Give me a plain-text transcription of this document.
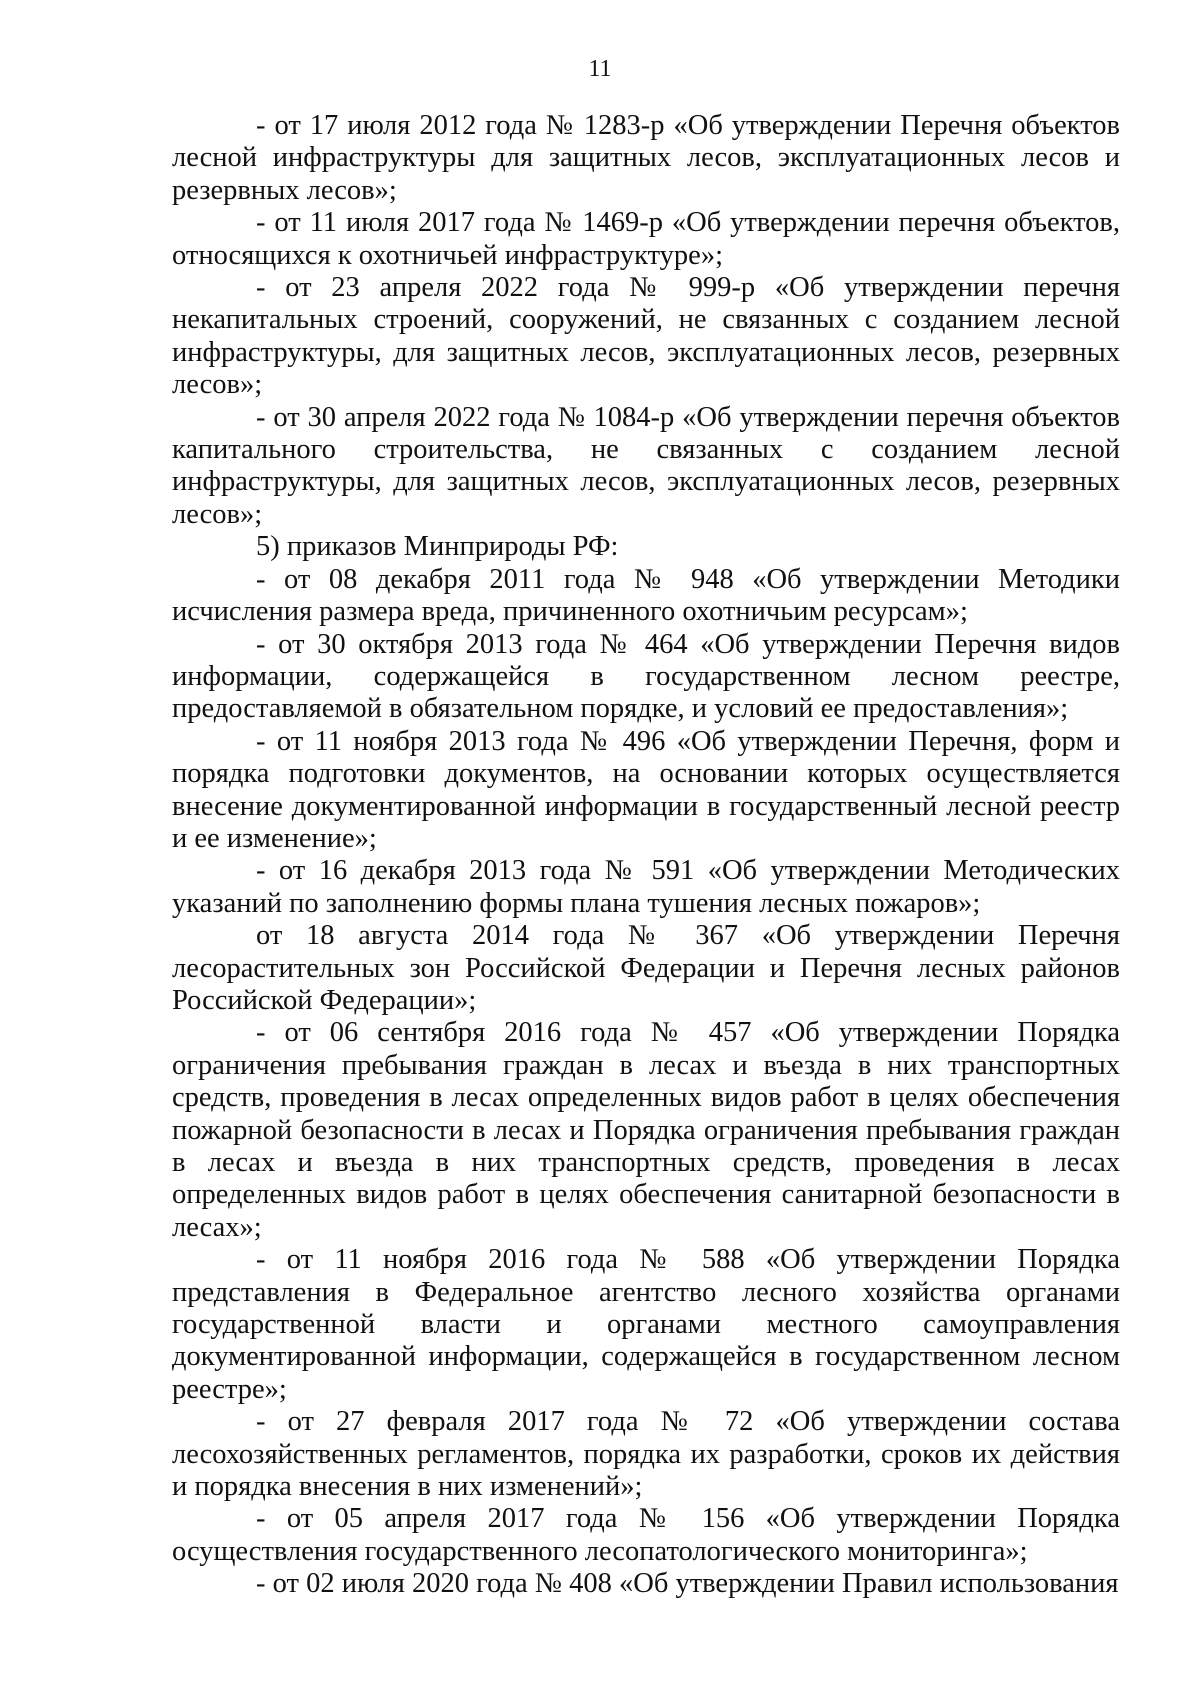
11

- от 17 июля 2012 года № 1283-р «Об утверждении Перечня объектов лесной инфраструктуры для защитных лесов, эксплуатационных лесов и резервных лесов»;

- от 11 июля 2017 года № 1469-р «Об утверждении перечня объектов, относящихся к охотничьей инфраструктуре»;

- от 23 апреля 2022 года № 999-р «Об утверждении перечня некапитальных строений, сооружений, не связанных с созданием лесной инфраструктуры, для защитных лесов, эксплуатационных лесов, резервных лесов»;

- от 30 апреля 2022 года № 1084-р «Об утверждении перечня объектов капитального строительства, не связанных с созданием лесной инфраструктуры, для защитных лесов, эксплуатационных лесов, резервных лесов»;

5) приказов Минприроды РФ:

- от 08 декабря 2011 года № 948 «Об утверждении Методики исчисления размера вреда, причиненного охотничьим ресурсам»;

- от 30 октября 2013 года № 464 «Об утверждении Перечня видов информации, содержащейся в государственном лесном реестре, предоставляемой в обязательном порядке, и условий ее предоставления»;

- от 11 ноября 2013 года № 496 «Об утверждении Перечня, форм и порядка подготовки документов, на основании которых осуществляется внесение документированной информации в государственный лесной реестр и ее изменение»;

- от 16 декабря 2013 года № 591 «Об утверждении Методических указаний по заполнению формы плана тушения лесных пожаров»;

от 18 августа 2014 года № 367 «Об утверждении Перечня лесорастительных зон Российской Федерации и Перечня лесных районов Российской Федерации»;

- от 06 сентября 2016 года № 457 «Об утверждении Порядка ограничения пребывания граждан в лесах и въезда в них транспортных средств, проведения в лесах определенных видов работ в целях обеспечения пожарной безопасности в лесах и Порядка ограничения пребывания граждан в лесах и въезда в них транспортных средств, проведения в лесах определенных видов работ в целях обеспечения санитарной безопасности в лесах»;

- от 11 ноября 2016 года № 588 «Об утверждении Порядка представления в Федеральное агентство лесного хозяйства органами государственной власти и органами местного самоуправления документированной информации, содержащейся в государственном лесном реестре»;

- от 27 февраля 2017 года № 72 «Об утверждении состава лесохозяйственных регламентов, порядка их разработки, сроков их действия и порядка внесения в них изменений»;

- от 05 апреля 2017 года № 156 «Об утверждении Порядка осуществления государственного лесопатологического мониторинга»;

- от 02 июля 2020 года № 408 «Об утверждении Правил использования
